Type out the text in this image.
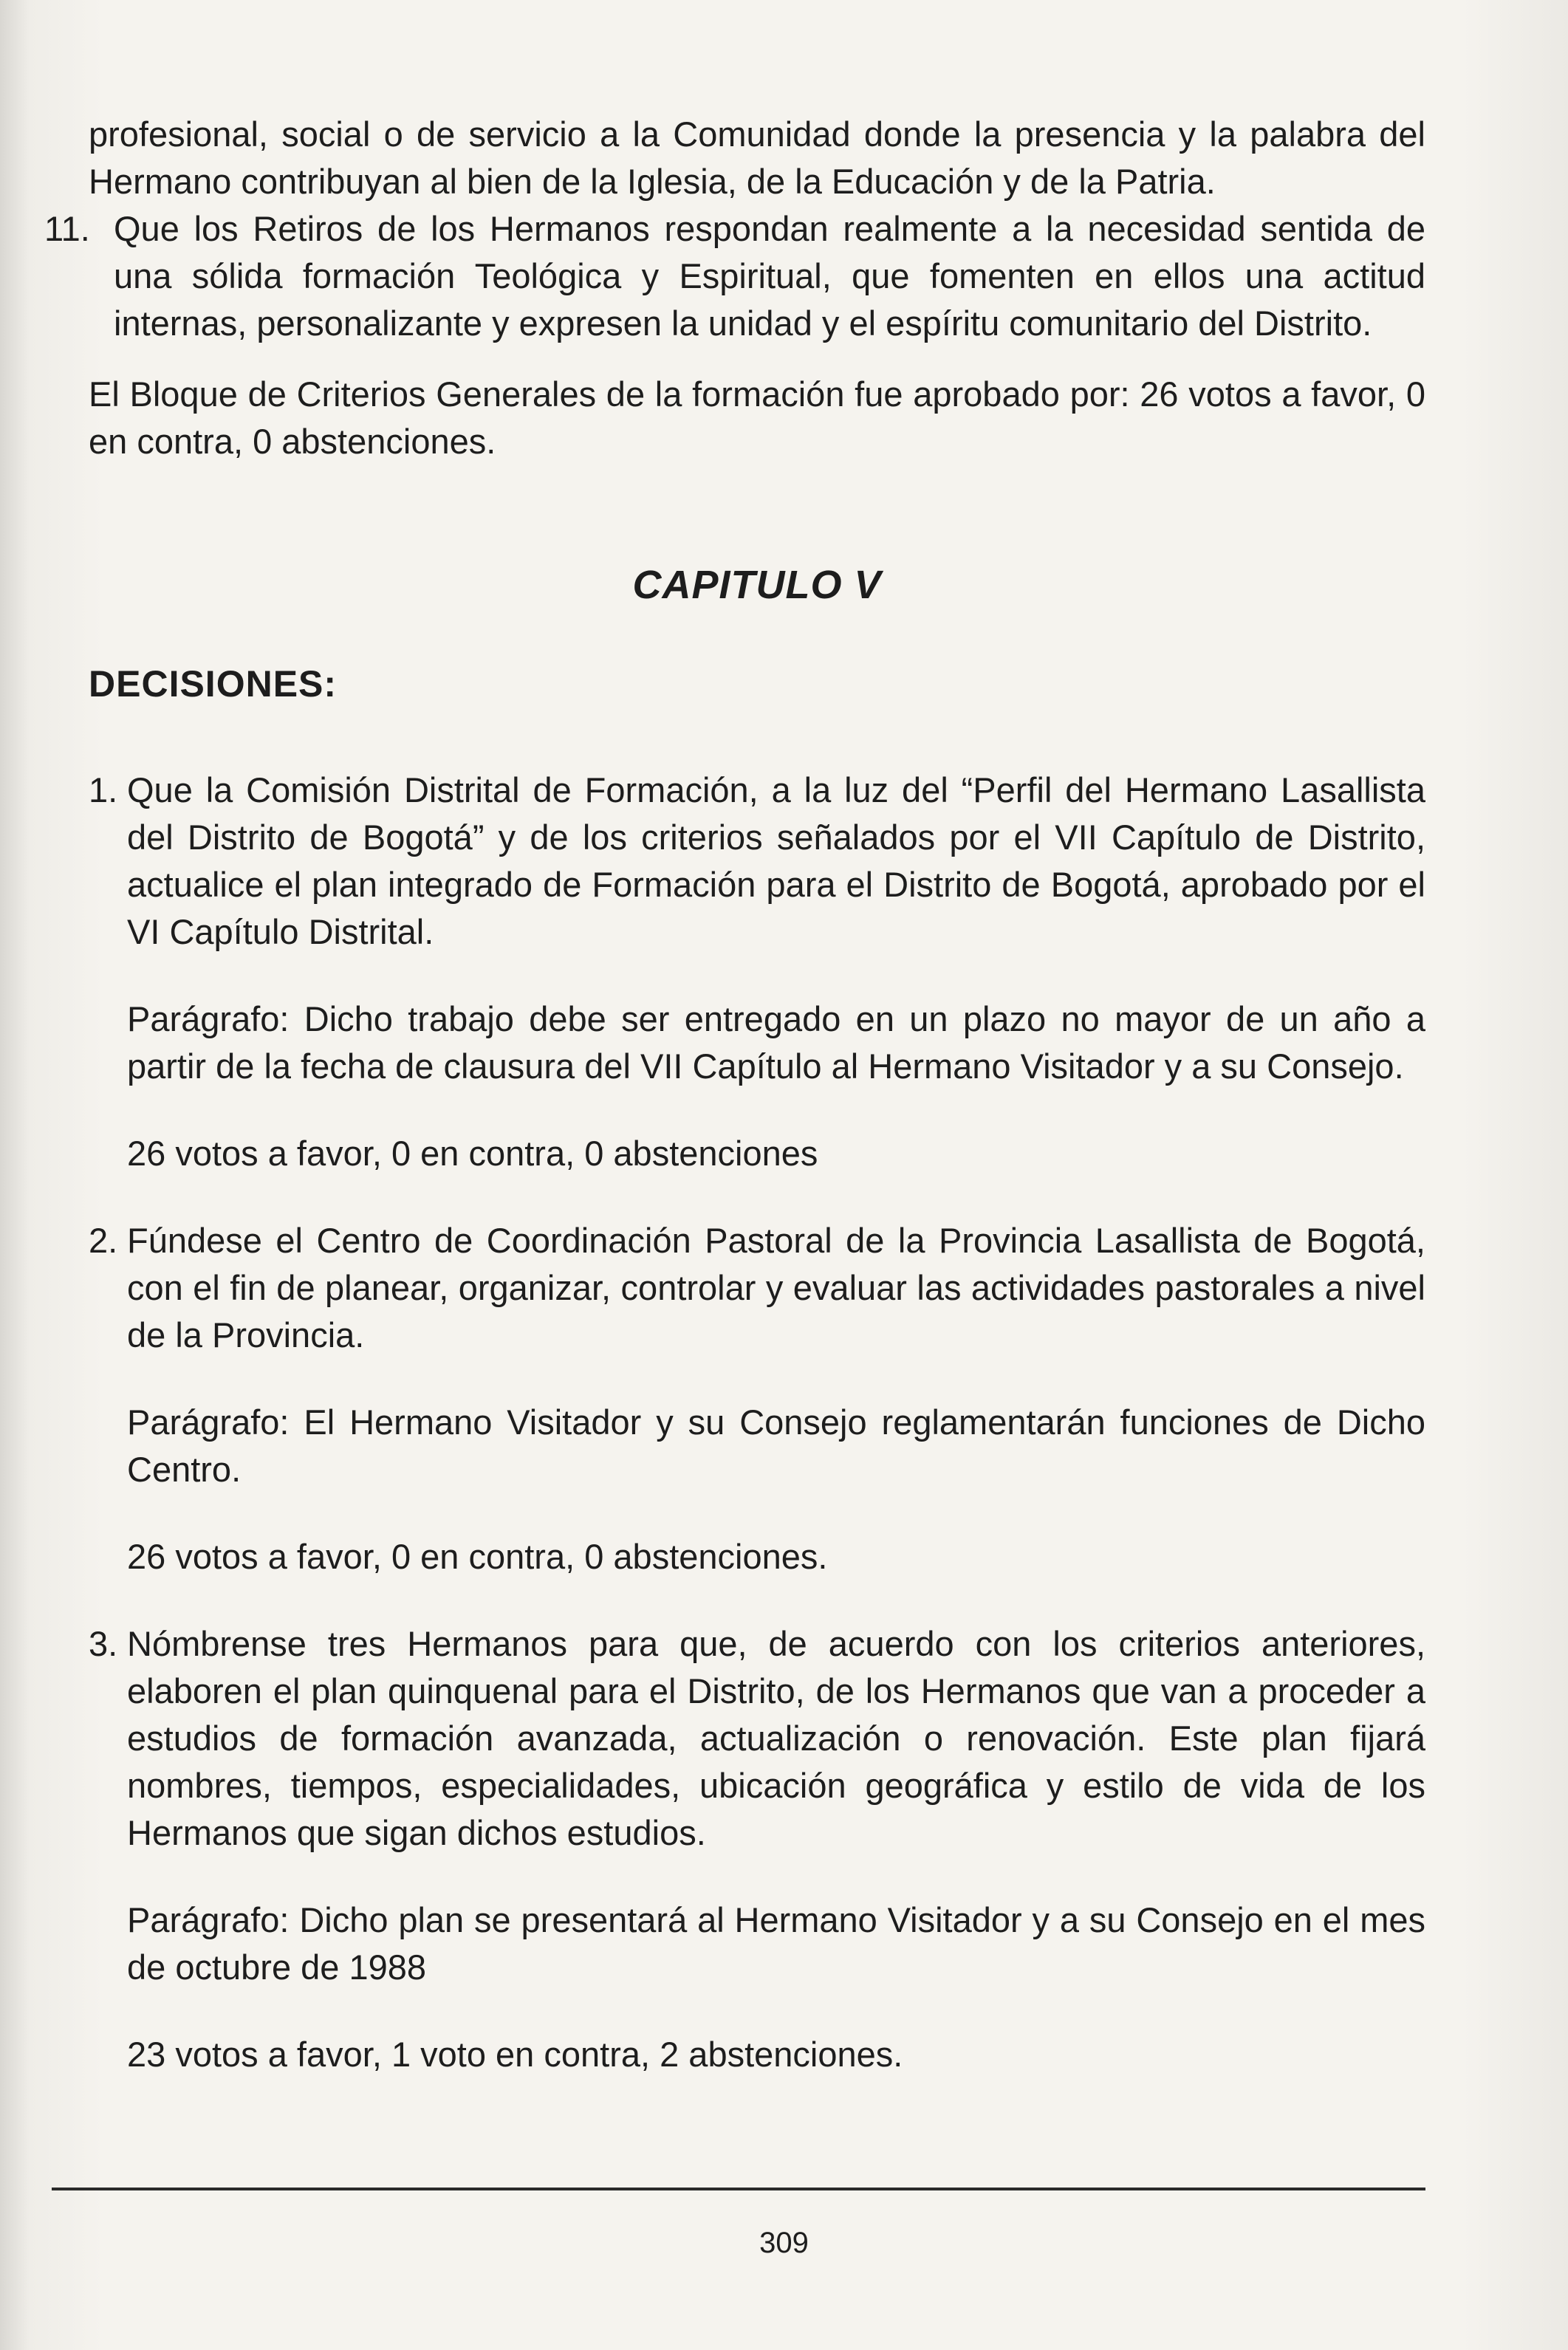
profesional, social o de servicio a la Comunidad donde la presencia y la palabra del Hermano contribuyan al bien de la Iglesia, de la Educación y de la Patria.

11. Que los Retiros de los Hermanos respondan realmente a la necesidad sentida de una sólida formación Teológica y Espiritual, que fomenten en ellos una actitud internas, personalizante y expresen la unidad y el espíritu comunitario del Distrito.

El Bloque de Criterios Generales de la formación fue aprobado por: 26 votos a favor, 0 en contra, 0 abstenciones.

CAPITULO V
DECISIONES:
1. Que la Comisión Distrital de Formación, a la luz del “Perfil del Hermano Lasallista del Distrito de Bogotá” y de los criterios señalados por el VII Capítulo de Distrito, actualice el plan integrado de Formación para el Distrito de Bogotá, aprobado por el VI Capítulo Distrital.

Parágrafo: Dicho trabajo debe ser entregado en un plazo no mayor de un año a partir de la fecha de clausura del VII Capítulo al Hermano Visitador y a su Consejo.

26 votos a favor, 0 en contra, 0 abstenciones

2. Fúndese el Centro de Coordinación Pastoral de la Provincia Lasallista de Bogotá, con el fin de planear, organizar, controlar y evaluar las actividades pastorales a nivel de la Provincia.

Parágrafo: El Hermano Visitador y su Consejo reglamentarán funciones de Dicho Centro.

26 votos a favor, 0 en contra, 0 abstenciones.

3. Nómbrense tres Hermanos para que, de acuerdo con los criterios anteriores, elaboren el plan quinquenal para el Distrito, de los Hermanos que van a proceder a estudios de formación avanzada, actualización o renovación. Este plan fijará nombres, tiempos, especialidades, ubicación geográfica y estilo de vida de los Hermanos que sigan dichos estudios.

Parágrafo: Dicho plan se presentará al Hermano Visitador y a su Consejo en el mes de octubre de 1988

23 votos a favor, 1 voto en contra, 2 abstenciones.

309
